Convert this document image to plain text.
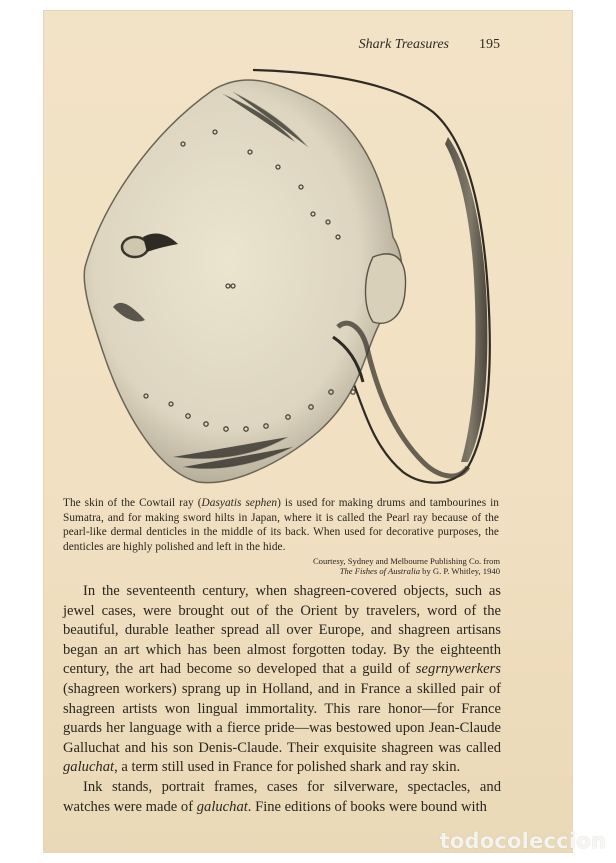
Shark Treasures 195
The skin of the Cowtail ray (Dasyatis sephen) is used for making drums and tambourines in Sumatra, and for making sword hilts in Japan, where it is called the Pearl ray because of the pearl-like dermal denticles in the middle of its back. When used for decorative purposes, the denticles are highly polished and left in the hide.
Courtesy, Sydney and Melbourne Publishing Co. from
The Fishes of Australia by G. P. Whitley, 1940

In the seventeenth century, when shagreen-covered objects, such as jewel cases, were brought out of the Orient by travelers, word of the beautiful, durable leather spread all over Europe, and shagreen artisans began an art which has been almost forgotten today. By the eighteenth century, the art had become so developed that a guild of segrnywerkers (shagreen workers) sprang up in Holland, and in France a skilled pair of shagreen artists won lingual immortality. This rare honor—for France guards her language with a fierce pride—was bestowed upon Jean-Claude Galluchat and his son Denis-Claude. Their exquisite shagreen was called galuchat, a term still used in France for polished shark and ray skin.

Ink stands, portrait frames, cases for silverware, spectacles, and watches were made of galuchat. Fine editions of books were bound with

todocoleccion
